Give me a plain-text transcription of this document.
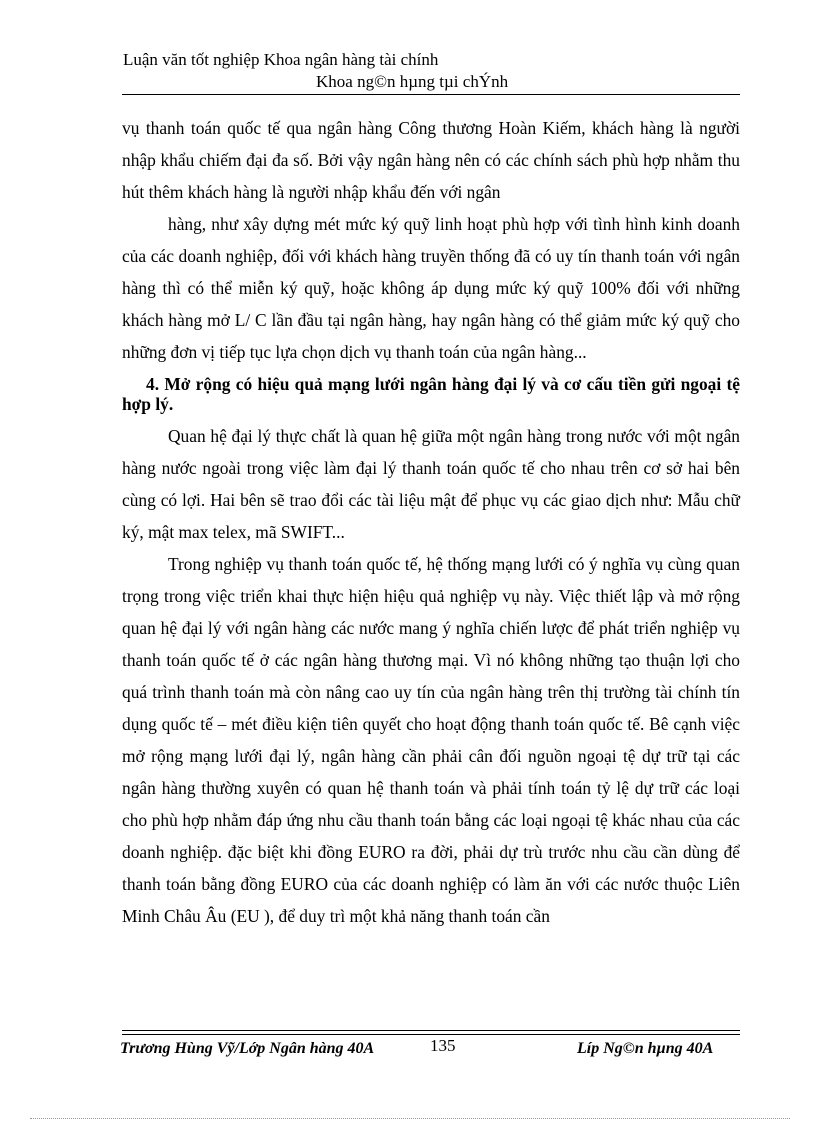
Luận văn tốt nghiệp Khoa ngân hàng tài chính
Khoa ng©n hµng tµi chÝnh

vụ thanh toán quốc tế qua ngân hàng Công thương Hoàn Kiếm, khách hàng là người nhập khẩu chiếm đại đa số. Bởi vậy ngân hàng nên có các chính sách phù hợp nhằm thu hút thêm khách hàng là người nhập khẩu đến với ngân

hàng, như xây dựng mét mức ký quỹ linh hoạt phù hợp với tình hình kinh doanh của các doanh nghiệp, đối với khách hàng truyền thống đã có uy tín thanh toán với ngân hàng thì có thể miễn ký quỹ, hoặc không áp dụng mức ký quỹ 100% đối với những khách hàng mở L/ C lần đầu tại ngân hàng, hay ngân hàng có thể giảm mức ký quỹ cho những đơn vị tiếp tục lựa chọn dịch vụ thanh toán của ngân hàng...

4. Mở rộng có hiệu quả mạng lưới ngân hàng đại lý và cơ cấu tiền gửi ngoại tệ hợp lý.

Quan hệ đại lý thực chất là quan hệ giữa một ngân hàng trong nước với một ngân hàng nước ngoài trong việc làm đại lý thanh toán quốc tế cho nhau trên cơ sở hai bên cùng có lợi. Hai bên sẽ trao đổi các tài liệu mật để phục vụ các giao dịch như: Mẫu chữ ký, mật max telex, mã SWIFT...

Trong nghiệp vụ thanh toán quốc tế, hệ thống mạng lưới có ý nghĩa vụ cùng quan trọng trong việc triển khai thực hiện hiệu quả nghiệp vụ này. Việc thiết lập và mở rộng quan hệ đại lý với ngân hàng các nước mang ý nghĩa chiến lược để phát triển nghiệp vụ thanh toán quốc tế ở các ngân hàng thương mại. Vì nó không những tạo thuận lợi cho quá trình thanh toán mà còn nâng cao uy tín của ngân hàng trên thị trường tài chính tín dụng quốc tế – mét điều kiện tiên quyết cho hoạt động thanh toán quốc tế. Bê cạnh việc mở rộng mạng lưới đại lý, ngân hàng cần phải cân đối nguồn ngoại tệ dự trữ tại các ngân hàng thường xuyên có quan hệ thanh toán và phải tính toán tỷ lệ dự trữ các loại cho phù hợp nhằm đáp ứng nhu cầu thanh toán bằng các loại ngoại tệ khác nhau của các doanh nghiệp. đặc biệt khi đồng EURO ra đời, phải dự trù trước nhu cầu cần dùng để thanh toán bằng đồng EURO của các doanh nghiệp có làm ăn với các nước thuộc Liên Minh Châu Âu (EU ), để duy trì một khả năng thanh toán cần

Trương Hùng Vỹ/Lớp Ngân hàng 40A	135	Líp Ng©n hµng 40A
